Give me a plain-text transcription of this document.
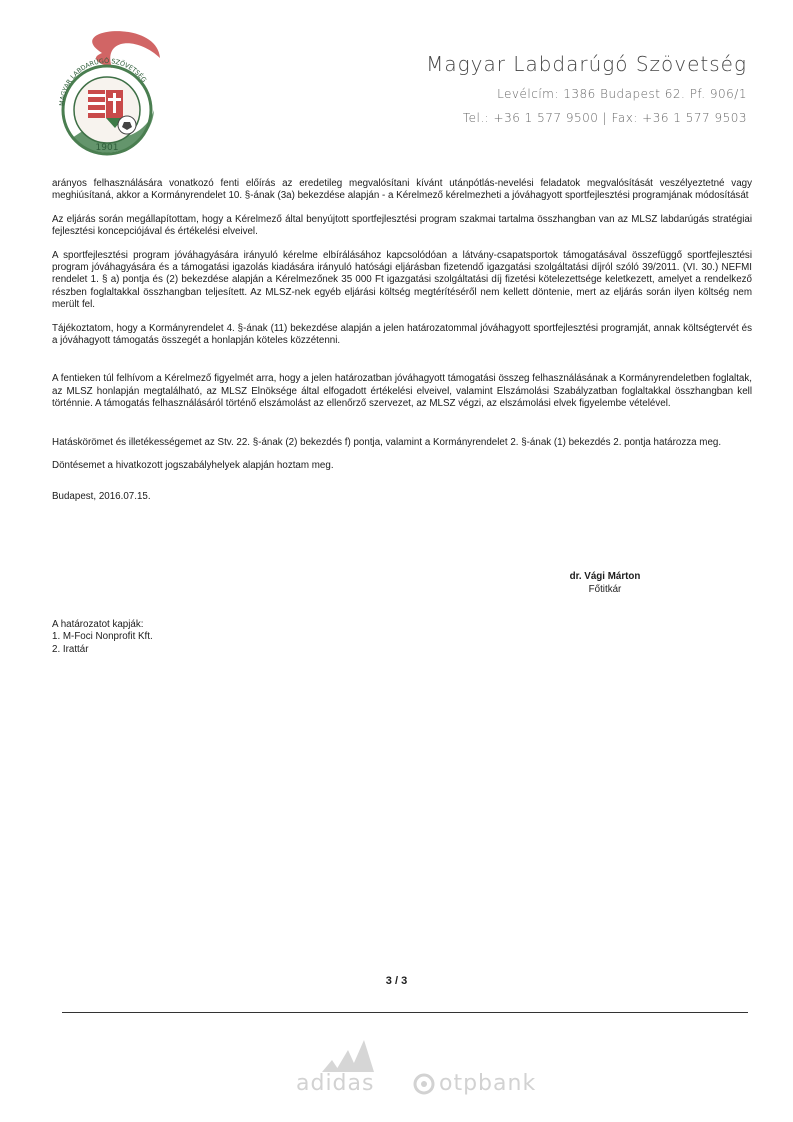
MAGYAR LABDARÚGÓ SZÖVETSÉG
1901
Magyar Labdarúgó Szövetség
Levélcím: 1386 Budapest 62. Pf. 906/1
Tel.: +36 1 577 9500 | Fax: +36 1 577 9503

arányos felhasználására vonatkozó fenti előírás az eredetileg megvalósítani kívánt utánpótlás-nevelési feladatok megvalósítását veszélyeztetné vagy meghiúsítaná, akkor a Kormányrendelet 10. §-ának (3a) bekezdése alapján - a Kérelmező kérelmezheti a jóváhagyott sportfejlesztési programjának módosítását

Az eljárás során megállapítottam, hogy a Kérelmező által benyújtott sportfejlesztési program szakmai tartalma összhangban van az MLSZ labdarúgás stratégiai fejlesztési koncepciójával és értékelési elveivel.

A sportfejlesztési program jóváhagyására irányuló kérelme elbírálásához kapcsolódóan a látvány-csapatsportok támogatásával összefüggő sportfejlesztési program jóváhagyására és a támogatási igazolás kiadására irányuló hatósági eljárásban fizetendő igazgatási szolgáltatási díjról szóló 39/2011. (VI. 30.) NEFMI rendelet 1. § a) pontja és (2) bekezdése alapján a Kérelmezőnek 35 000 Ft igazgatási szolgáltatási díj fizetési kötelezettsége keletkezett, amelyet a rendelkező részben foglaltakkal összhangban teljesített. Az MLSZ-nek egyéb eljárási költség megtérítéséről nem kellett döntenie, mert az eljárás során ilyen költség nem merült fel.

Tájékoztatom, hogy a Kormányrendelet 4. §-ának (11) bekezdése alapján a jelen határozatommal jóváhagyott sportfejlesztési programját, annak költségtervét és a jóváhagyott támogatás összegét a honlapján köteles közzétenni.

A fentieken túl felhívom a Kérelmező figyelmét arra, hogy a jelen határozatban jóváhagyott támogatási összeg felhasználásának a Kormányrendeletben foglaltak, az MLSZ honlapján megtalálható, az MLSZ Elnöksége által elfogadott értékelési elveivel, valamint Elszámolási Szabályzatban foglaltakkal összhangban kell történnie. A támogatás felhasználásáról történő elszámolást az ellenőrző szervezet, az MLSZ végzi, az elszámolási elvek figyelembe vételével.

Hatáskörömet és illetékességemet az Stv. 22. §-ának (2) bekezdés f) pontja, valamint a Kormányrendelet 2. §-ának (1) bekezdés 2. pontja határozza meg.

Döntésemet a hivatkozott jogszabályhelyek alapján hoztam meg.

Budapest, 2016.07.15.

dr. Vági Márton
Főtitkár
A határozatot kapják:
1. M-Foci Nonprofit Kft.
2. Irattár
3 / 3
adidas	otpbank
